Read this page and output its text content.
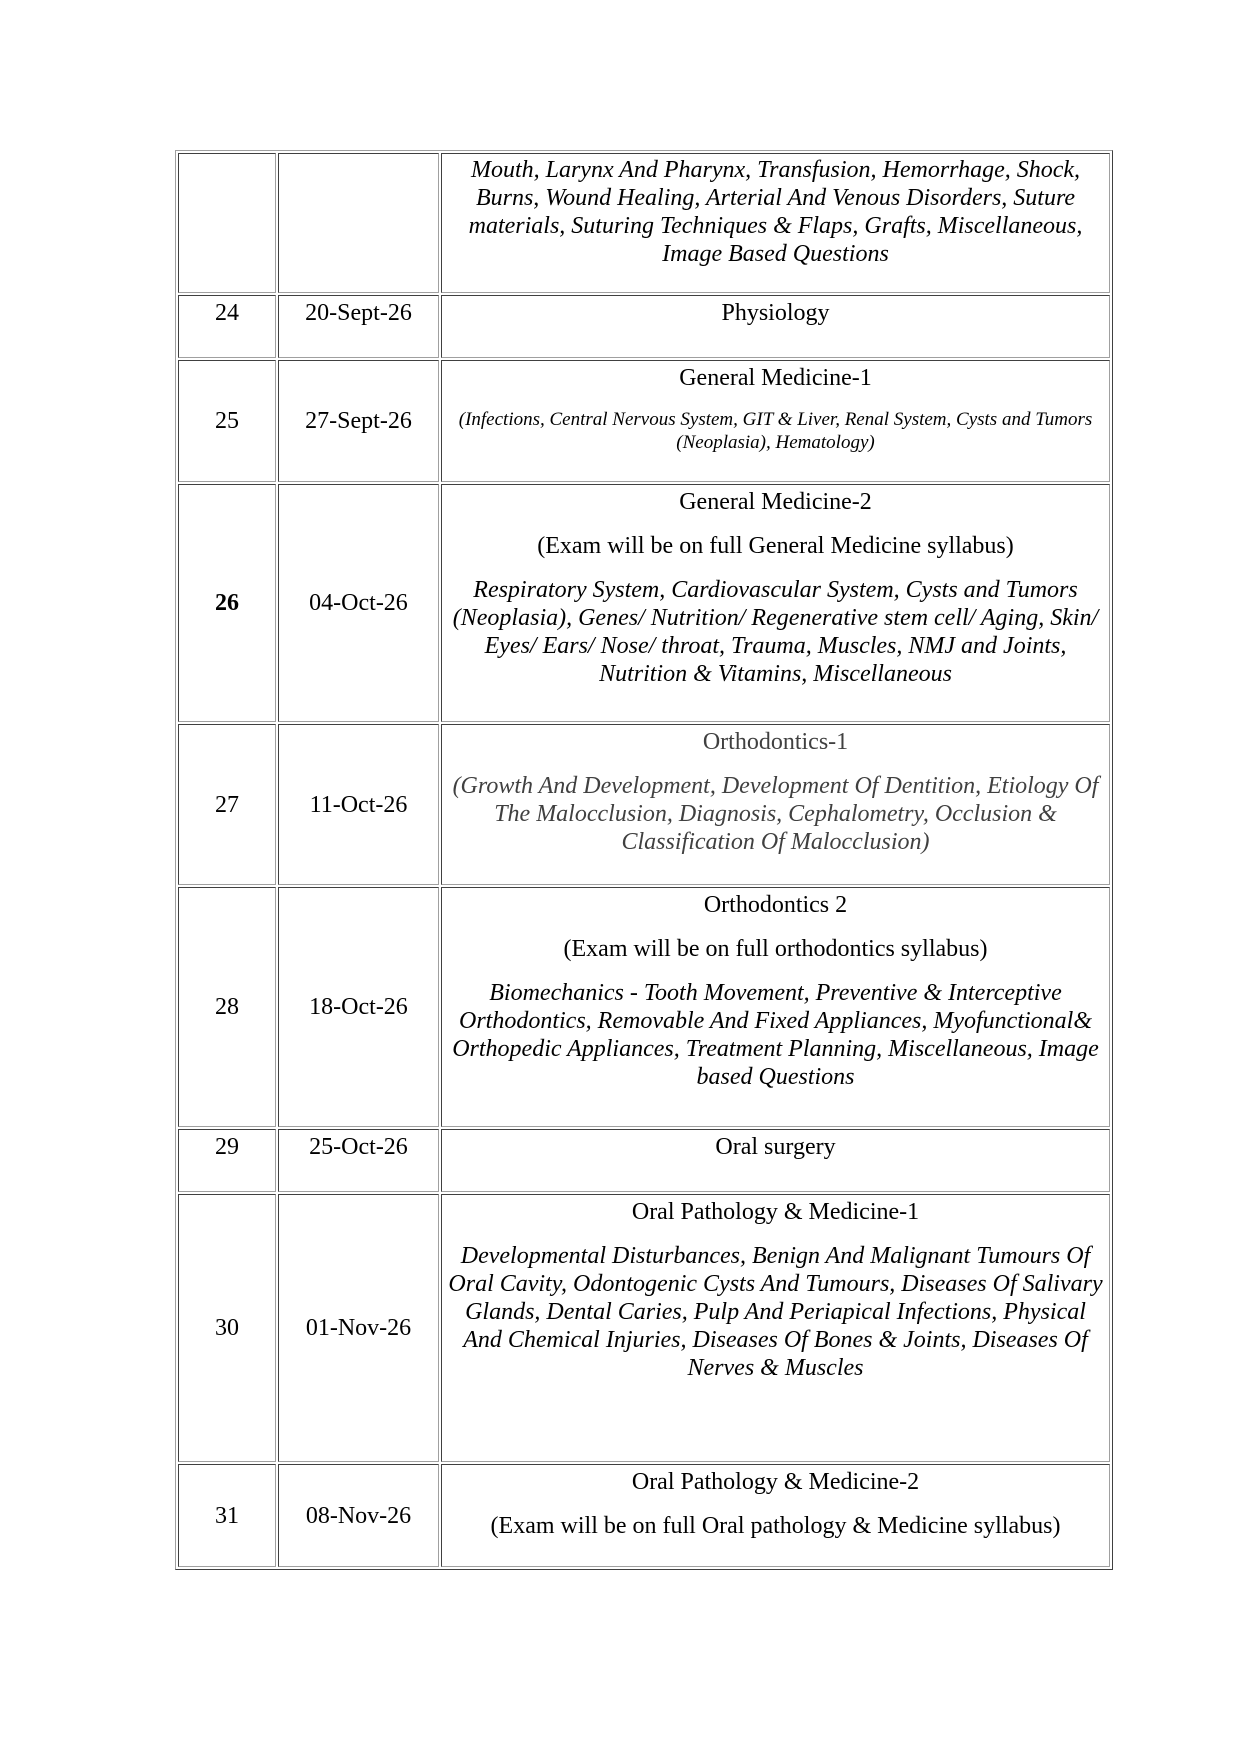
		Mouth, Larynx And Pharynx, Transfusion, Hemorrhage, Shock, Burns, Wound Healing, Arterial And Venous Disorders, Suture materials, Suturing Techniques & Flaps, Grafts, Miscellaneous, Image Based Questions

24	20-Sept-26	Physiology

25	27-Sept-26	General Medicine-1

(Infections, Central Nervous System, GIT & Liver, Renal System, Cysts and Tumors (Neoplasia), Hematology)

26	04-Oct-26	General Medicine-2

(Exam will be on full General Medicine syllabus)

Respiratory System, Cardiovascular System, Cysts and Tumors (Neoplasia), Genes/ Nutrition/ Regenerative stem cell/ Aging, Skin/ Eyes/ Ears/ Nose/ throat, Trauma, Muscles, NMJ and Joints, Nutrition & Vitamins, Miscellaneous

27	11-Oct-26	Orthodontics-1

(Growth And Development, Development Of Dentition, Etiology Of The Malocclusion, Diagnosis, Cephalometry, Occlusion & Classification Of Malocclusion)

28	18-Oct-26	Orthodontics 2

(Exam will be on full orthodontics syllabus)

Biomechanics - Tooth Movement, Preventive & Interceptive Orthodontics, Removable And Fixed Appliances, Myofunctional& Orthopedic Appliances, Treatment Planning, Miscellaneous, Image based Questions

29	25-Oct-26	Oral surgery

30	01-Nov-26	Oral Pathology & Medicine-1

Developmental Disturbances, Benign And Malignant Tumours Of Oral Cavity, Odontogenic Cysts And Tumours, Diseases Of Salivary Glands, Dental Caries, Pulp And Periapical Infections, Physical And Chemical Injuries, Diseases Of Bones & Joints, Diseases Of Nerves & Muscles

31	08-Nov-26	Oral Pathology & Medicine-2

(Exam will be on full Oral pathology & Medicine syllabus)
